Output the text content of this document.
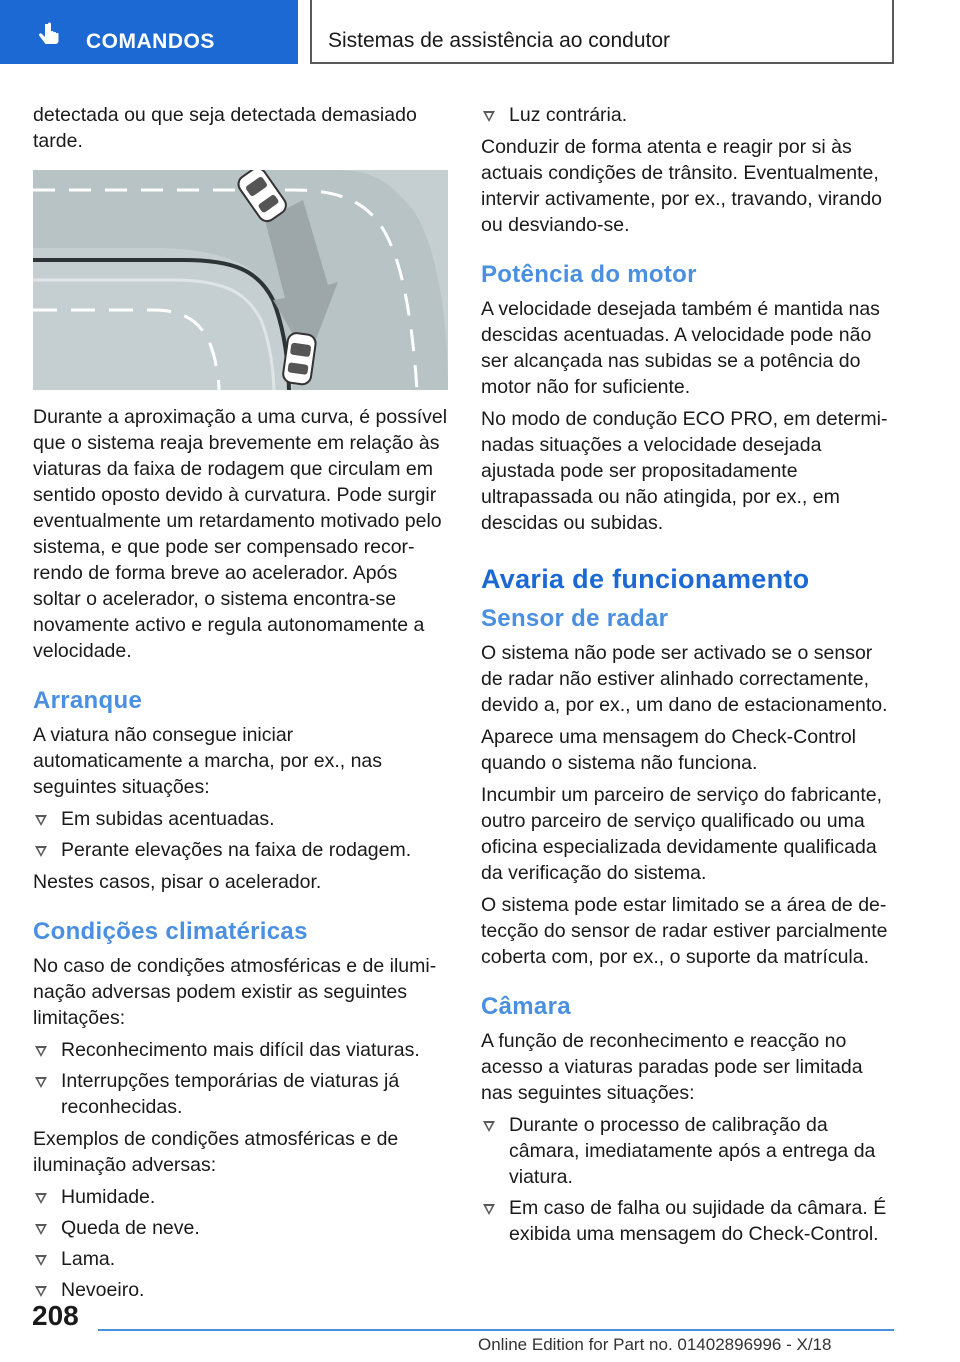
COMANDOS	Sistemas de assistência ao condutor

detectada ou que seja detectada demasiado tarde.

Durante a aproximação a uma curva, é possível que o sistema reaja brevemente em relação às viaturas da faixa de rodagem que circulam em sentido oposto devido à curvatura. Pode surgir eventualmente um retardamento motivado pelo sistema, e que pode ser compensado recorrendo de forma breve ao acelerador. Após soltar o acelerador, o sistema encontra-se novamente activo e regula autonomamente a velocidade.

Arranque

A viatura não consegue iniciar automaticamente a marcha, por ex., nas seguintes situações:

Em subidas acentuadas.
Perante elevações na faixa de rodagem.

Nestes casos, pisar o acelerador.

Condições climatéricas

No caso de condições atmosféricas e de iluminação adversas podem existir as seguintes limitações:

Reconhecimento mais difícil das viaturas.
Interrupções temporárias de viaturas já reconhecidas.

Exemplos de condições atmosféricas e de iluminação adversas:

Humidade.
Queda de neve.
Lama.
Nevoeiro.
Luz contrária.

Conduzir de forma atenta e reagir por si às actuais condições de trânsito. Eventualmente, intervir activamente, por ex., travando, virando ou desviando-se.

Potência do motor

A velocidade desejada também é mantida nas descidas acentuadas. A velocidade pode não ser alcançada nas subidas se a potência do motor não for suficiente.

No modo de condução ECO PRO, em determinadas situações a velocidade desejada ajustada pode ser propositadamente ultrapassada ou não atingida, por ex., em descidas ou subidas.

Avaria de funcionamento
Sensor de radar

O sistema não pode ser activado se o sensor de radar não estiver alinhado correctamente, devido a, por ex., um dano de estacionamento.

Aparece uma mensagem do Check-Control quando o sistema não funciona.

Incumbir um parceiro de serviço do fabricante, outro parceiro de serviço qualificado ou uma oficina especializada devidamente qualificada da verificação do sistema.

O sistema pode estar limitado se a área de detecção do sensor de radar estiver parcialmente coberta com, por ex., o suporte da matrícula.

Câmara

A função de reconhecimento e reacção no acesso a viaturas paradas pode ser limitada nas seguintes situações:

Durante o processo de calibração da câmara, imediatamente após a entrega da viatura.
Em caso de falha ou sujidade da câmara. É exibida uma mensagem do Check-Control.
208
Online Edition for Part no. 01402896996 - X/18
